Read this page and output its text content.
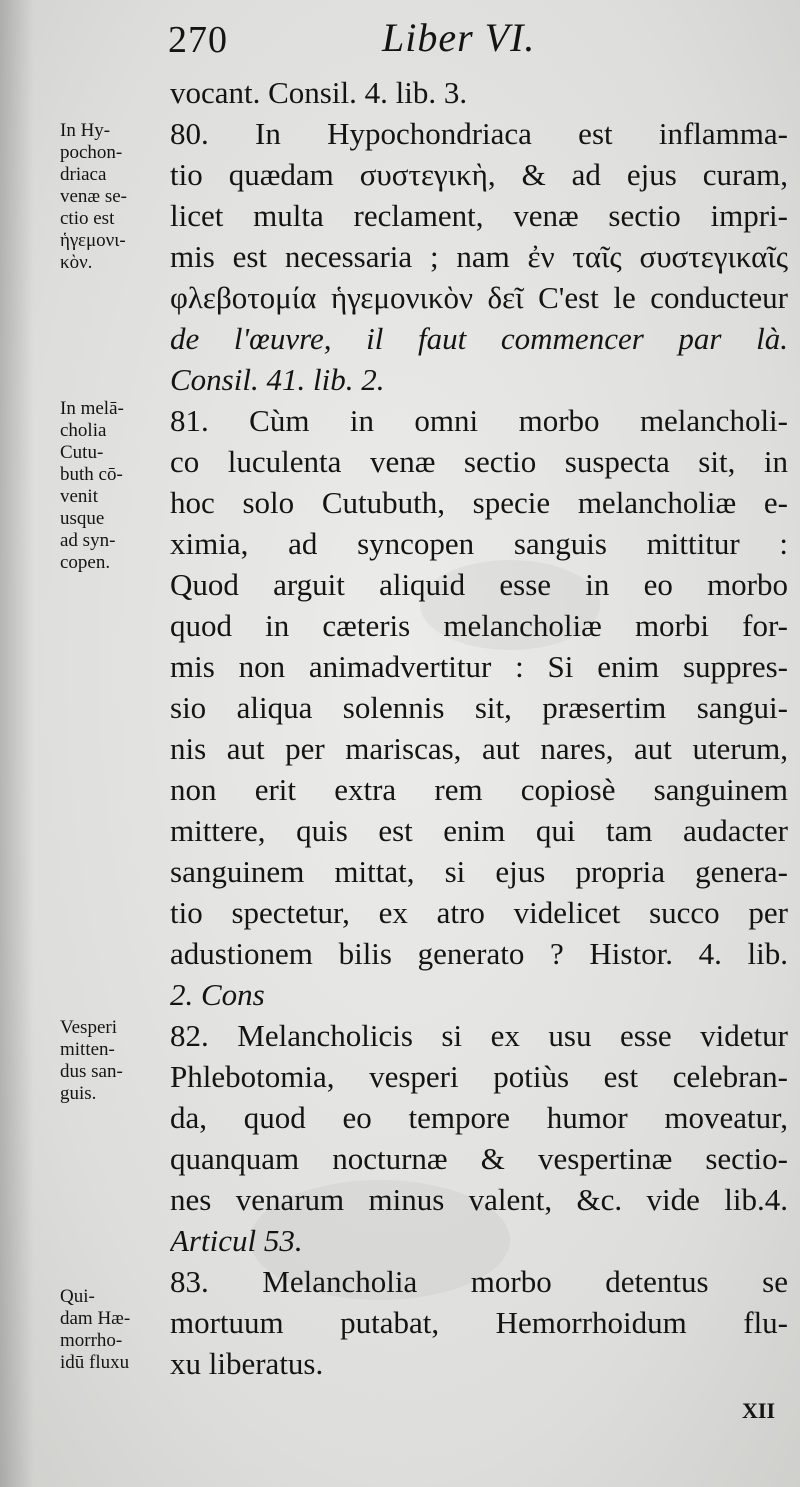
270	Liber VI.
vocant. Consil. 4. lib. 3.
80. In Hypochondriaca est inflamma-
tio quædam συστεγικὴ, & ad ejus curam,
licet multa reclament, venæ sectio impri-
mis est necessaria ; nam ἐν ταῖς συστεγικαῖς
φλεβοτομία ἡγεμονικὸν δεῖ C'est le conducteur
de l'œuvre, il faut commencer par là.
Consil. 41. lib. 2.
81. Cùm in omni morbo melancholi-
co luculenta venæ sectio suspecta sit, in
hoc solo Cutubuth, specie melancholiæ e-
ximia, ad syncopen sanguis mittitur :
Quod arguit aliquid esse in eo morbo
quod in cæteris melancholiæ morbi for-
mis non animadvertitur : Si enim suppres-
sio aliqua solennis sit, præsertim sangui-
nis aut per mariscas, aut nares, aut uterum,
non erit extra rem copiosè sanguinem
mittere, quis est enim qui tam audacter
sanguinem mittat, si ejus propria genera-
tio spectetur, ex atro videlicet succo per
adustionem bilis generato ? Histor. 4. lib.
2. Cons
82. Melancholicis si ex usu esse videtur
Phlebotomia, vesperi potiùs est celebran-
da, quod eo tempore humor moveatur,
quanquam nocturnæ & vespertinæ sectio-
nes venarum minus valent, &c. vide lib.4.
Articul 53.
83. Melancholia morbo detentus se
mortuum putabat, Hemorrhoidum flu-
xu liberatus.
In Hy-
pochon-
driaca
venæ se-
ctio est
ἡγεμονι-
κὸν.
In melā-
cholia
Cutu-
buth cō-
venit
usque
ad syn-
copen.
Vesperi
mitten-
dus san-
guis.
Qui-
dam Hæ-
morrho-
idū fluxu
XII
